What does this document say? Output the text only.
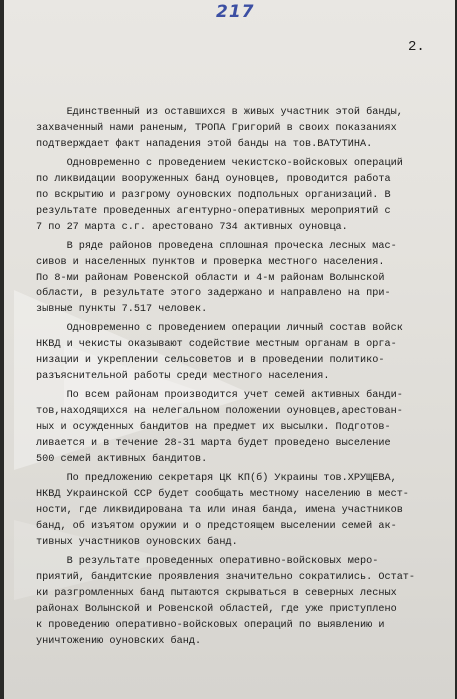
217
2.
Единственный из оставшихся в живых участник этой банды,
захваченный нами раненым, ТРОПА Григорий в своих показаниях
подтверждает факт нападения этой банды на тов.ВАТУТИНА.
Одновременно с проведением чекистско-войсковых операций
по ликвидации вооруженных банд оуновцев, проводится работа
по вскрытию и разгрому оуновских подпольных организаций. В
результате проведенных агентурно-оперативных мероприятий с
7 по 27 марта с.г. арестовано 734 активных оуновца.
В ряде районов проведена сплошная проческа лесных мас-
сивов и населенных пунктов и проверка местного населения.
По 8-ми районам Ровенской области и 4-м районам Волынской
области, в результате этого задержано и направлено на при-
зывные пункты 7.517 человек.
Одновременно с проведением операции личный состав войск
НКВД и чекисты оказывают содействие местным органам в орга-
низации и укреплении сельсоветов и в проведении политико-
разъяснительной работы среди местного населения.
По всем районам производится учет семей активных банди-
тов,находящихся на нелегальном положении оуновцев,арестован-
ных и осужденных бандитов на предмет их высылки. Подготов-
ливается и в течение 28-31 марта будет проведено выселение
500 семей активных бандитов.
По предложению секретаря ЦК КП(б) Украины тов.ХРУЩЕВА,
НКВД Украинской ССР будет сообщать местному населению в мест-
ности, где ликвидирована та или иная банда, имена участников
банд, об изъятом оружии и о предстоящем выселении семей ак-
тивных участников оуновских банд.
В результате проведенных оперативно-войсковых меро-
приятий, бандитские проявления значительно сократились. Остат-
ки разгромленных банд пытаются скрываться в северных лесных
районах Волынской и Ровенской областей, где уже приступлено
к проведению оперативно-войсковых операций по выявлению и
уничтожению оуновских банд.
